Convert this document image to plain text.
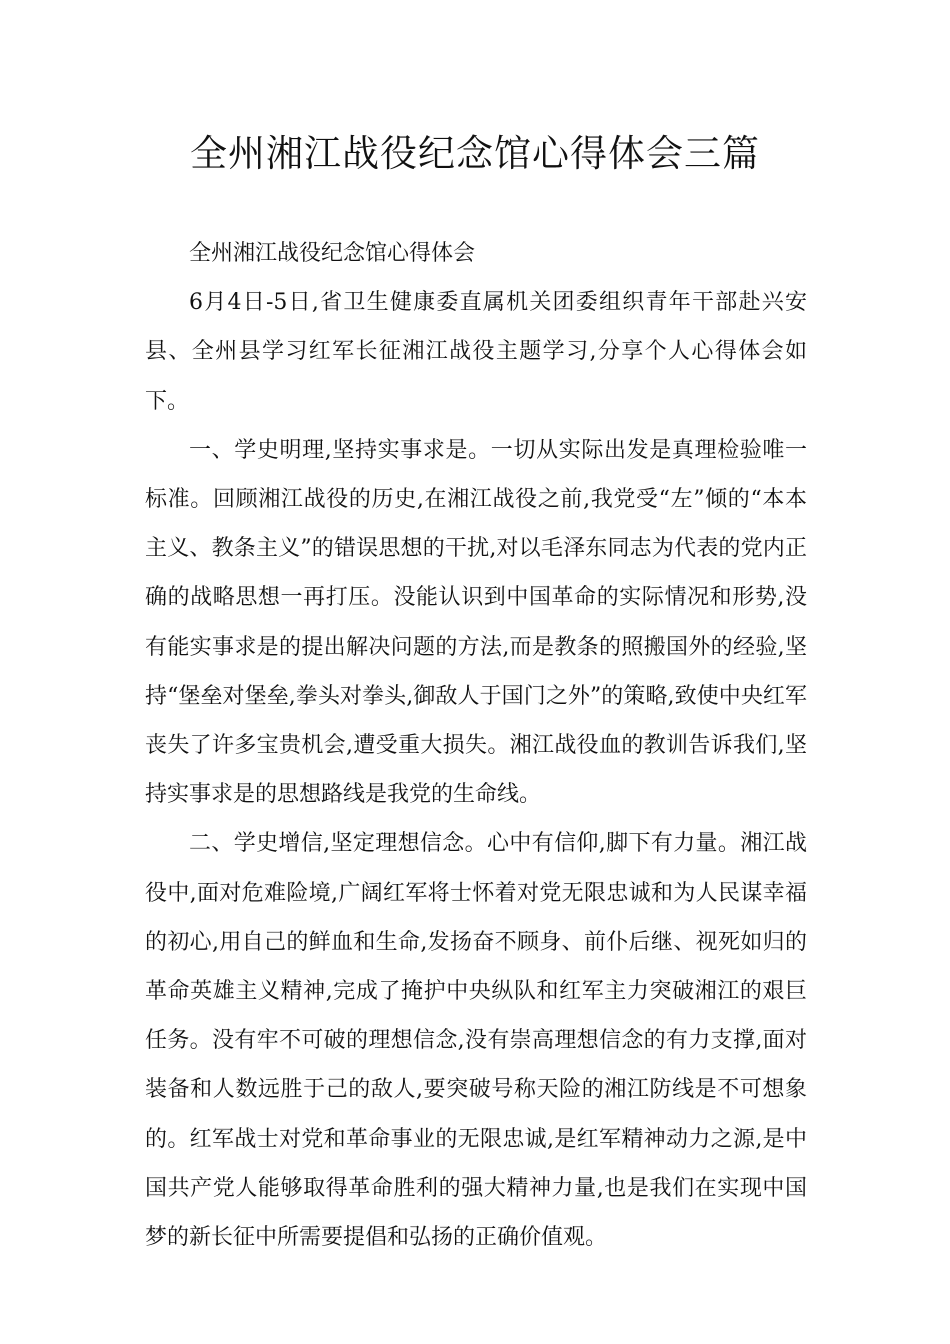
全州湘江战役纪念馆心得体会三篇

全州湘江战役纪念馆心得体会

6月4日-5日,省卫生健康委直属机关团委组织青年干部赴兴安县、全州县学习红军长征湘江战役主题学习,分享个人心得体会如下。

一、学史明理,坚持实事求是。一切从实际出发是真理检验唯一标准。回顾湘江战役的历史,在湘江战役之前,我党受“左”倾的“本本主义、教条主义”的错误思想的干扰,对以毛泽东同志为代表的党内正确的战略思想一再打压。没能认识到中国革命的实际情况和形势,没有能实事求是的提出解决问题的方法,而是教条的照搬国外的经验,坚持“堡垒对堡垒,拳头对拳头,御敌人于国门之外”的策略,致使中央红军丧失了许多宝贵机会,遭受重大损失。湘江战役血的教训告诉我们,坚持实事求是的思想路线是我党的生命线。

二、学史增信,坚定理想信念。心中有信仰,脚下有力量。湘江战役中,面对危难险境,广阔红军将士怀着对党无限忠诚和为人民谋幸福的初心,用自己的鲜血和生命,发扬奋不顾身、前仆后继、视死如归的革命英雄主义精神,完成了掩护中央纵队和红军主力突破湘江的艰巨任务。没有牢不可破的理想信念,没有崇高理想信念的有力支撑,面对装备和人数远胜于己的敌人,要突破号称天险的湘江防线是不可想象的。红军战士对党和革命事业的无限忠诚,是红军精神动力之源,是中国共产党人能够取得革命胜利的强大精神力量,也是我们在实现中国梦的新长征中所需要提倡和弘扬的正确价值观。
